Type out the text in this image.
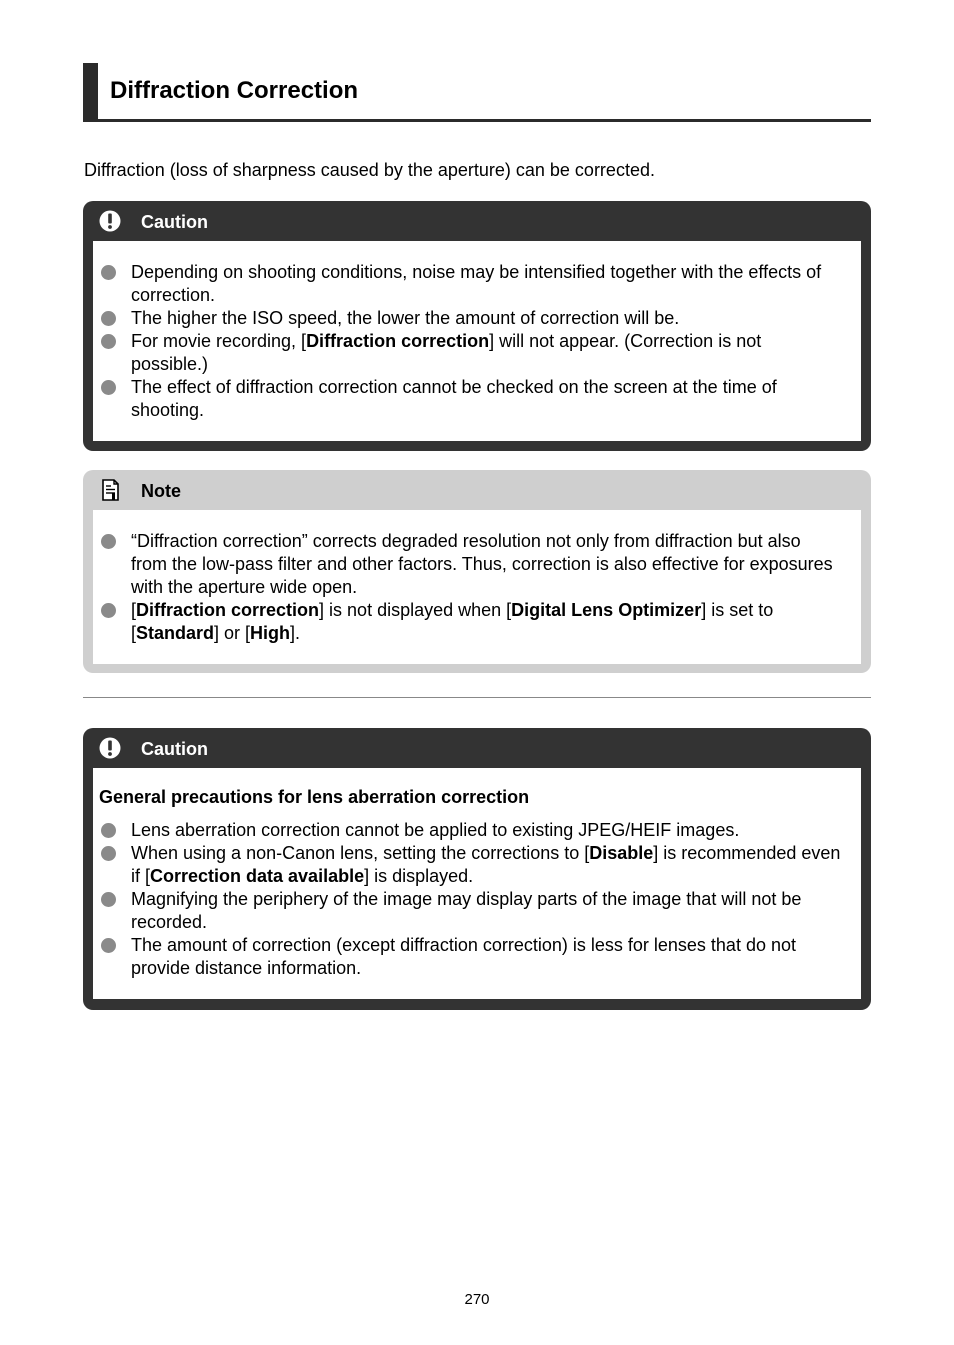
Diffraction Correction

Diffraction (loss of sharpness caused by the aperture) can be corrected.

Caution
Depending on shooting conditions, noise may be intensified together with the effects of correction.
The higher the ISO speed, the lower the amount of correction will be.
For movie recording, [Diffraction correction] will not appear. (Correction is not possible.)
The effect of diffraction correction cannot be checked on the screen at the time of shooting.
Note
“Diffraction correction” corrects degraded resolution not only from diffraction but also from the low-pass filter and other factors. Thus, correction is also effective for exposures with the aperture wide open.
[Diffraction correction] is not displayed when [Digital Lens Optimizer] is set to [Standard] or [High].
Caution

General precautions for lens aberration correction

Lens aberration correction cannot be applied to existing JPEG/HEIF images.
When using a non-Canon lens, setting the corrections to [Disable] is recommended even if [Correction data available] is displayed.
Magnifying the periphery of the image may display parts of the image that will not be recorded.
The amount of correction (except diffraction correction) is less for lenses that do not provide distance information.
270
